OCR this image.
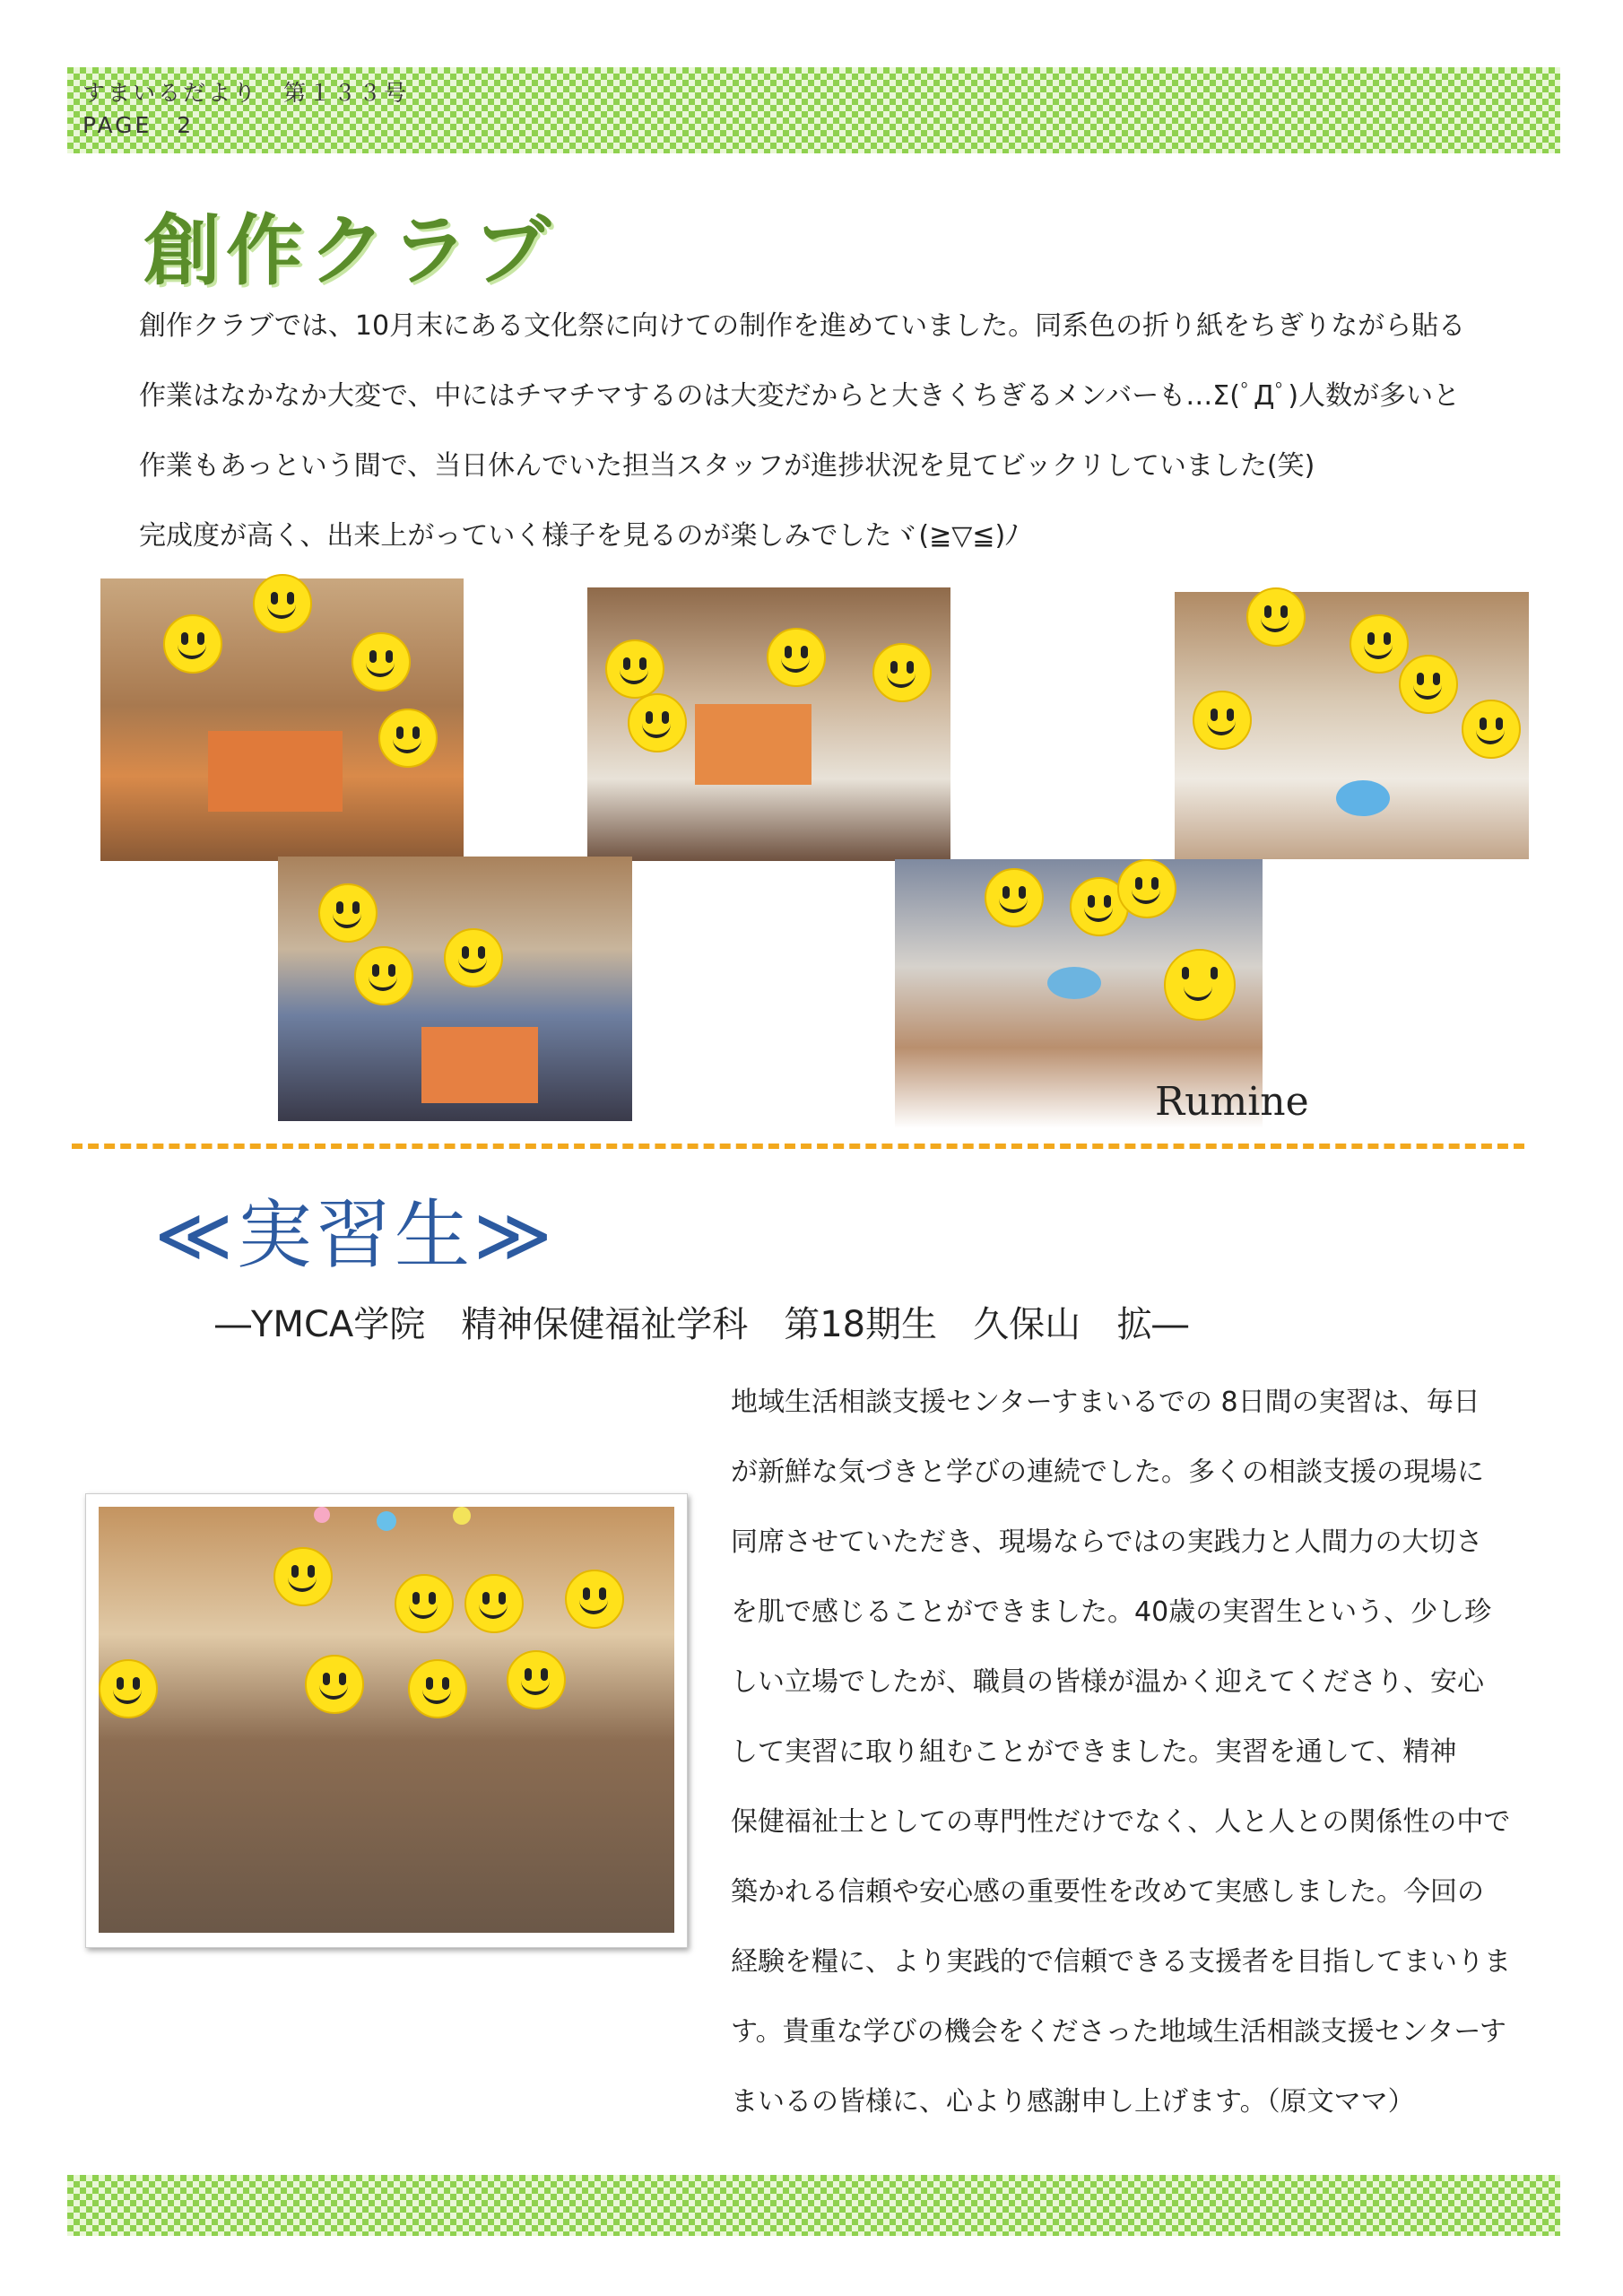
すまいるだより　第１３３号
PAGE　2
創作クラブ
創作クラブでは、10月末にある文化祭に向けての制作を進めていました。同系色の折り紙をちぎりながら貼る
作業はなかなか大変で、中にはチマチマするのは大変だからと大きくちぎるメンバーも…Σ(ﾟДﾟ)人数が多いと
作業もあっという間で、当日休んでいた担当スタッフが進捗状況を見てビックリしていました(笑)
完成度が高く、出来上がっていく様子を見るのが楽しみでしたヾ(≧▽≦)ﾉ
Rumine
≪実習生≫
―YMCA学院　精神保健福祉学科　第18期生　久保山　拡―
地域生活相談支援センターすまいるでの 8日間の実習は、毎日
が新鮮な気づきと学びの連続でした。多くの相談支援の現場に
同席させていただき、現場ならではの実践力と人間力の大切さ
を肌で感じることができました。40歳の実習生という、少し珍
しい立場でしたが、職員の皆様が温かく迎えてくださり、安心
して実習に取り組むことができました。実習を通して、精神
保健福祉士としての専門性だけでなく、人と人との関係性の中で
築かれる信頼や安心感の重要性を改めて実感しました。今回の
経験を糧に、より実践的で信頼できる支援者を目指してまいりま
す。貴重な学びの機会をくださった地域生活相談支援センターす
まいるの皆様に、心より感謝申し上げます。（原文ママ）
